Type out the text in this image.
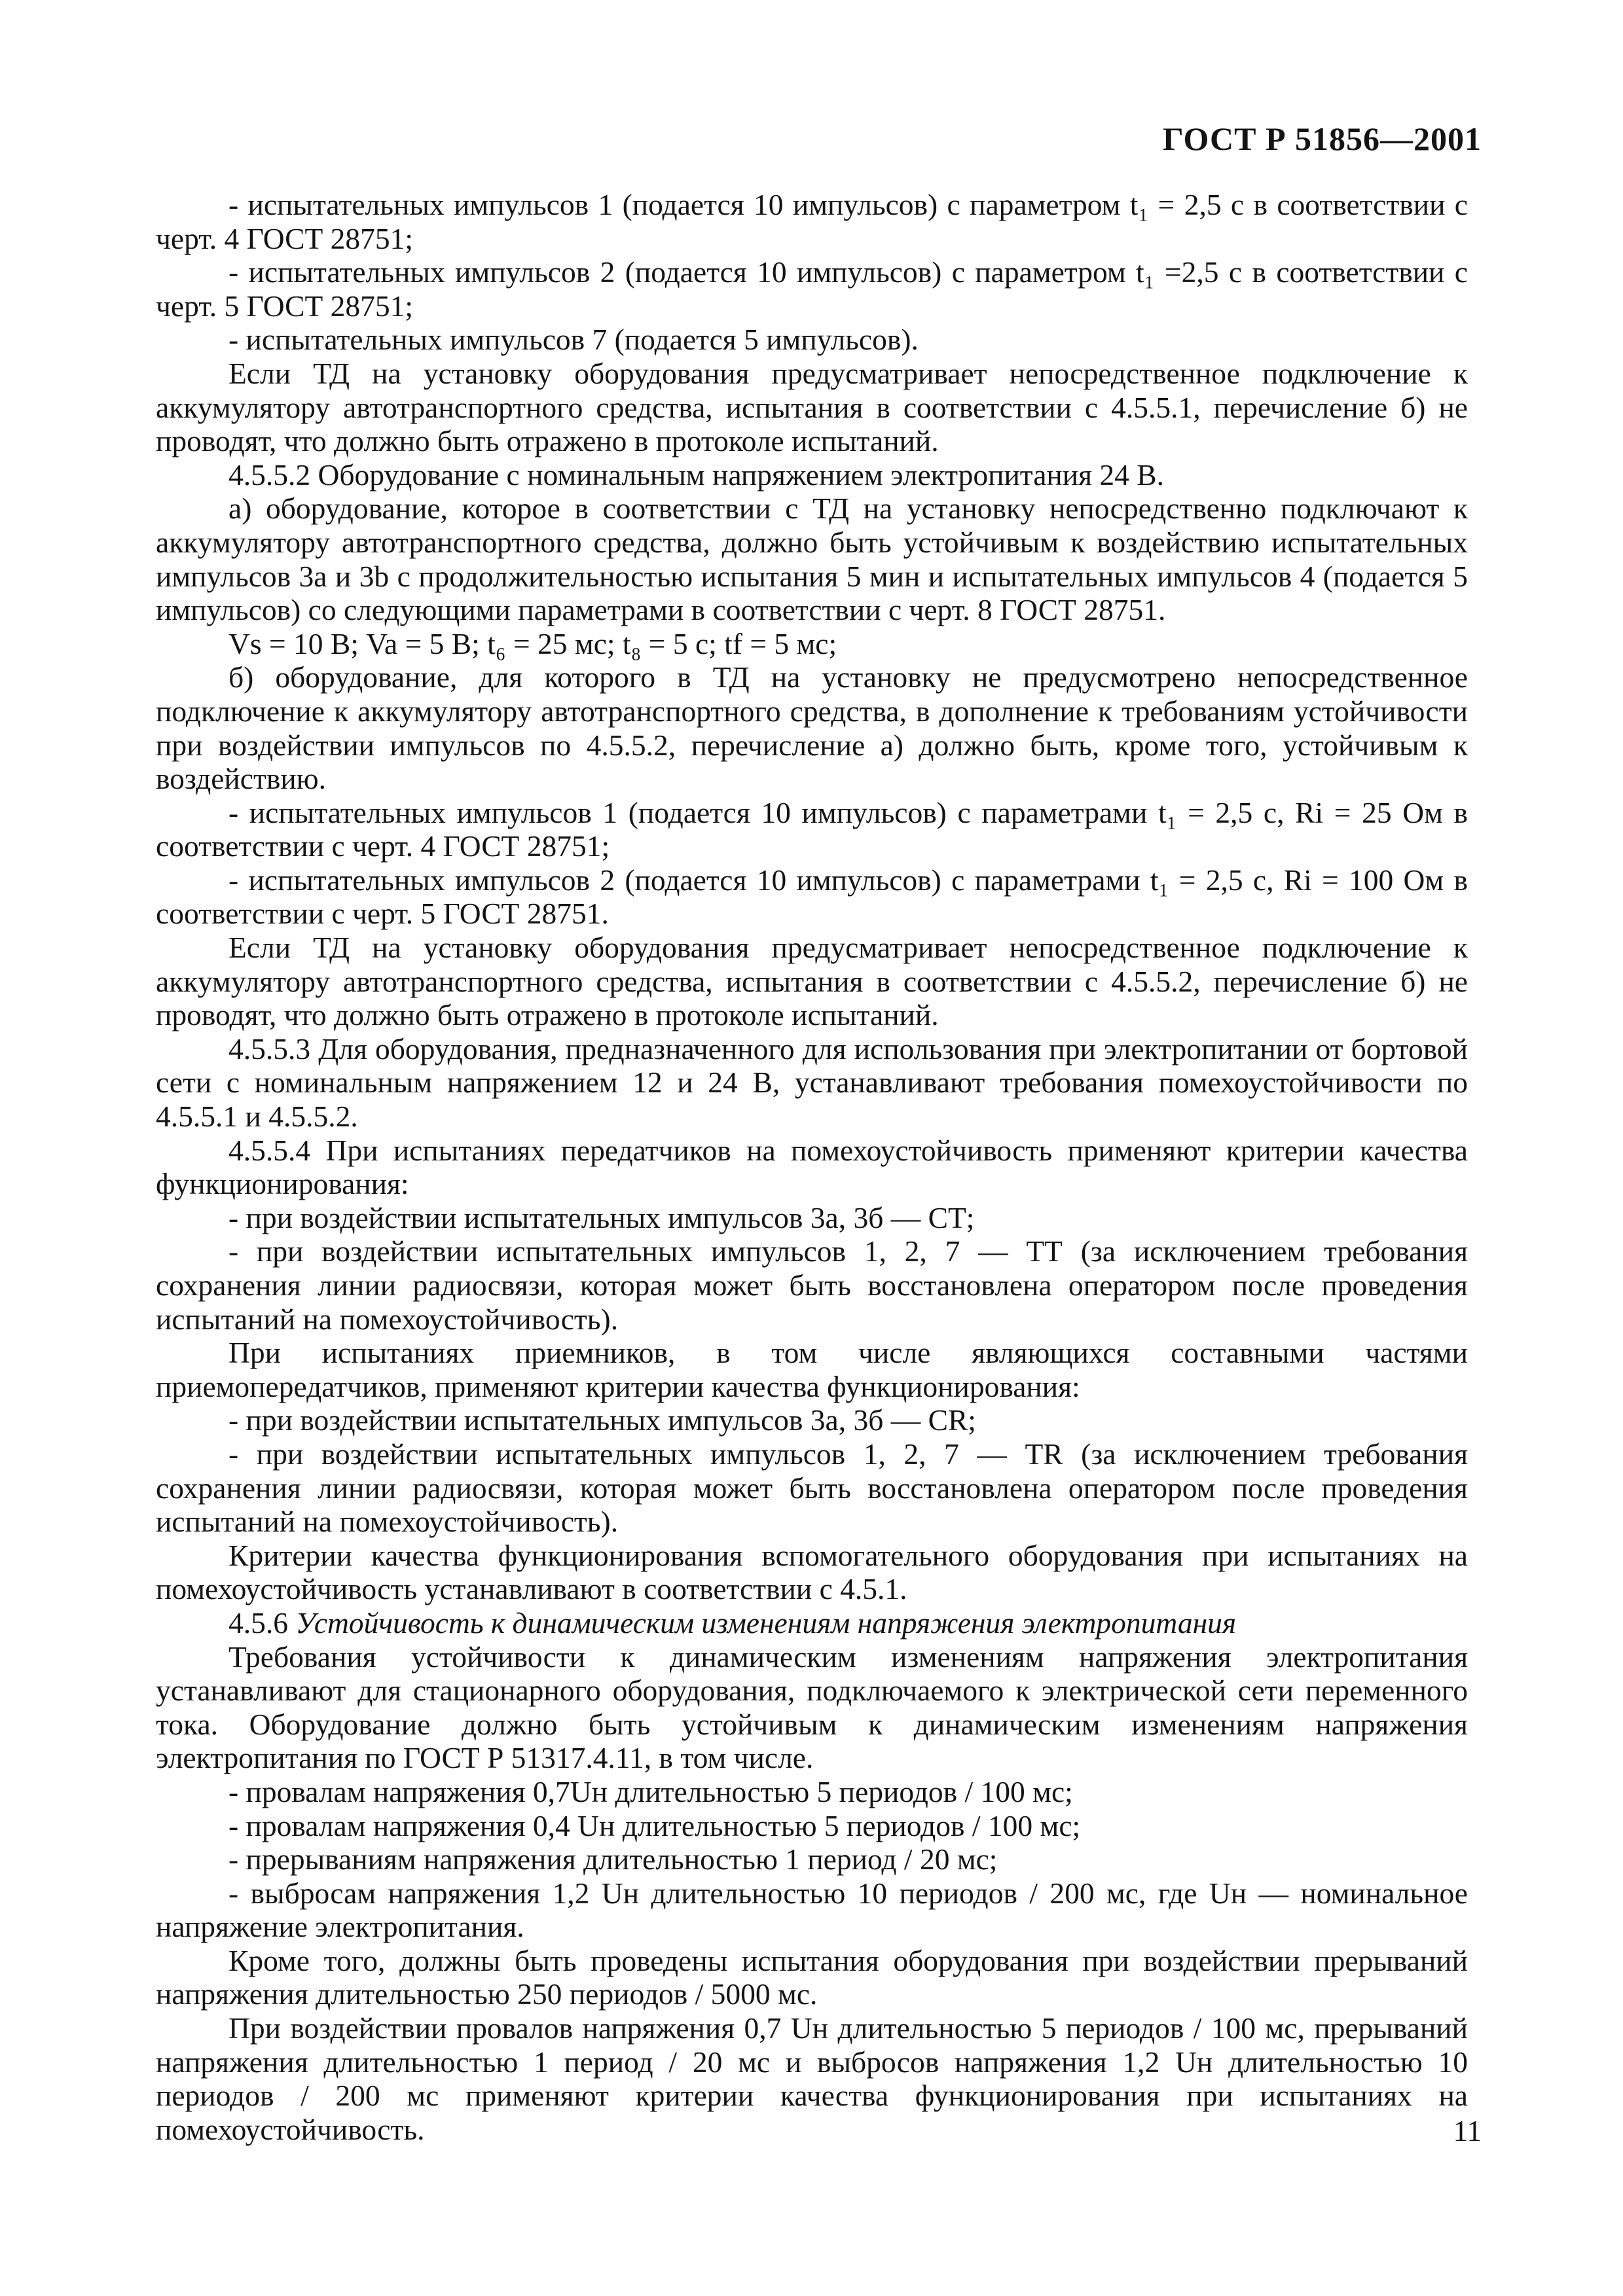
ГОСТ Р 51856—2001

- испытательных импульсов 1 (подается 10 импульсов) с параметром t₁ = 2,5 с в соответствии с черт. 4 ГОСТ 28751;

- испытательных импульсов 2 (подается 10 импульсов) с параметром t₁ =2,5 с в соответствии с черт. 5 ГОСТ 28751;

- испытательных импульсов 7 (подается 5 импульсов).

Если ТД на установку оборудования предусматривает непосредственное подключение к аккумулятору автотранспортного средства, испытания в соответствии с 4.5.5.1, перечисление б) не проводят, что должно быть отражено в протоколе испытаний.

4.5.5.2 Оборудование с номинальным напряжением электропитания 24 В.

а) оборудование, которое в соответствии с ТД на установку непосредственно подключают к аккумулятору автотранспортного средства, должно быть устойчивым к воздействию испытательных импульсов 3а и 3b с продолжительностью испытания 5 мин и испытательных импульсов 4 (подается 5 импульсов) со следующими параметрами в соответствии с черт. 8 ГОСТ 28751.

Vs = 10 В; Va = 5 В; t₆ = 25 мс; t₈ = 5 с; tf = 5 мс;

б) оборудование, для которого в ТД на установку не предусмотрено непосредственное подключение к аккумулятору автотранспортного средства, в дополнение к требованиям устойчивости при воздействии импульсов по 4.5.5.2, перечисление а) должно быть, кроме того, устойчивым к воздействию.

- испытательных импульсов 1 (подается 10 импульсов) с параметрами t₁ = 2,5 с, Ri = 25 Ом в соответствии с черт. 4 ГОСТ 28751;

- испытательных импульсов 2 (подается 10 импульсов) с параметрами t₁ = 2,5 с, Ri = 100 Ом в соответствии с черт. 5 ГОСТ 28751.

Если ТД на установку оборудования предусматривает непосредственное подключение к аккумулятору автотранспортного средства, испытания в соответствии с 4.5.5.2, перечисление б) не проводят, что должно быть отражено в протоколе испытаний.

4.5.5.3 Для оборудования, предназначенного для использования при электропитании от бортовой сети с номинальным напряжением 12 и 24 В, устанавливают требования помехоустойчивости по 4.5.5.1 и 4.5.5.2.

4.5.5.4 При испытаниях передатчиков на помехоустойчивость применяют критерии качества функционирования:

- при воздействии испытательных импульсов 3а, 3б — СТ;

- при воздействии испытательных импульсов 1, 2, 7 — ТТ (за исключением требования сохранения линии радиосвязи, которая может быть восстановлена оператором после проведения испытаний на помехоустойчивость).

При испытаниях приемников, в том числе являющихся составными частями приемопередатчиков, применяют критерии качества функционирования:

- при воздействии испытательных импульсов 3а, 3б — CR;

- при воздействии испытательных импульсов 1, 2, 7 — TR (за исключением требования сохранения линии радиосвязи, которая может быть восстановлена оператором после проведения испытаний на помехоустойчивость).

Критерии качества функционирования вспомогательного оборудования при испытаниях на помехоустойчивость устанавливают в соответствии с 4.5.1.

4.5.6 Устойчивость к динамическим изменениям напряжения электропитания

Требования устойчивости к динамическим изменениям напряжения электропитания устанавливают для стационарного оборудования, подключаемого к электрической сети переменного тока. Оборудование должно быть устойчивым к динамическим изменениям напряжения электропитания по ГОСТ Р 51317.4.11, в том числе.

- провалам напряжения 0,7Uн длительностью 5 периодов / 100 мс;

- провалам напряжения 0,4 Uн длительностью 5 периодов / 100 мс;

- прерываниям напряжения длительностью 1 период / 20 мс;

- выбросам напряжения 1,2 Uн длительностью 10 периодов / 200 мс, где Uн — номинальное напряжение электропитания.

Кроме того, должны быть проведены испытания оборудования при воздействии прерываний напряжения длительностью 250 периодов / 5000 мс.

При воздействии провалов напряжения 0,7 Uн длительностью 5 периодов / 100 мс, прерываний напряжения длительностью 1 период / 20 мс и выбросов напряжения 1,2 Uн длительностью 10 периодов / 200 мс применяют критерии качества функционирования при испытаниях на помехоустойчивость.	11
